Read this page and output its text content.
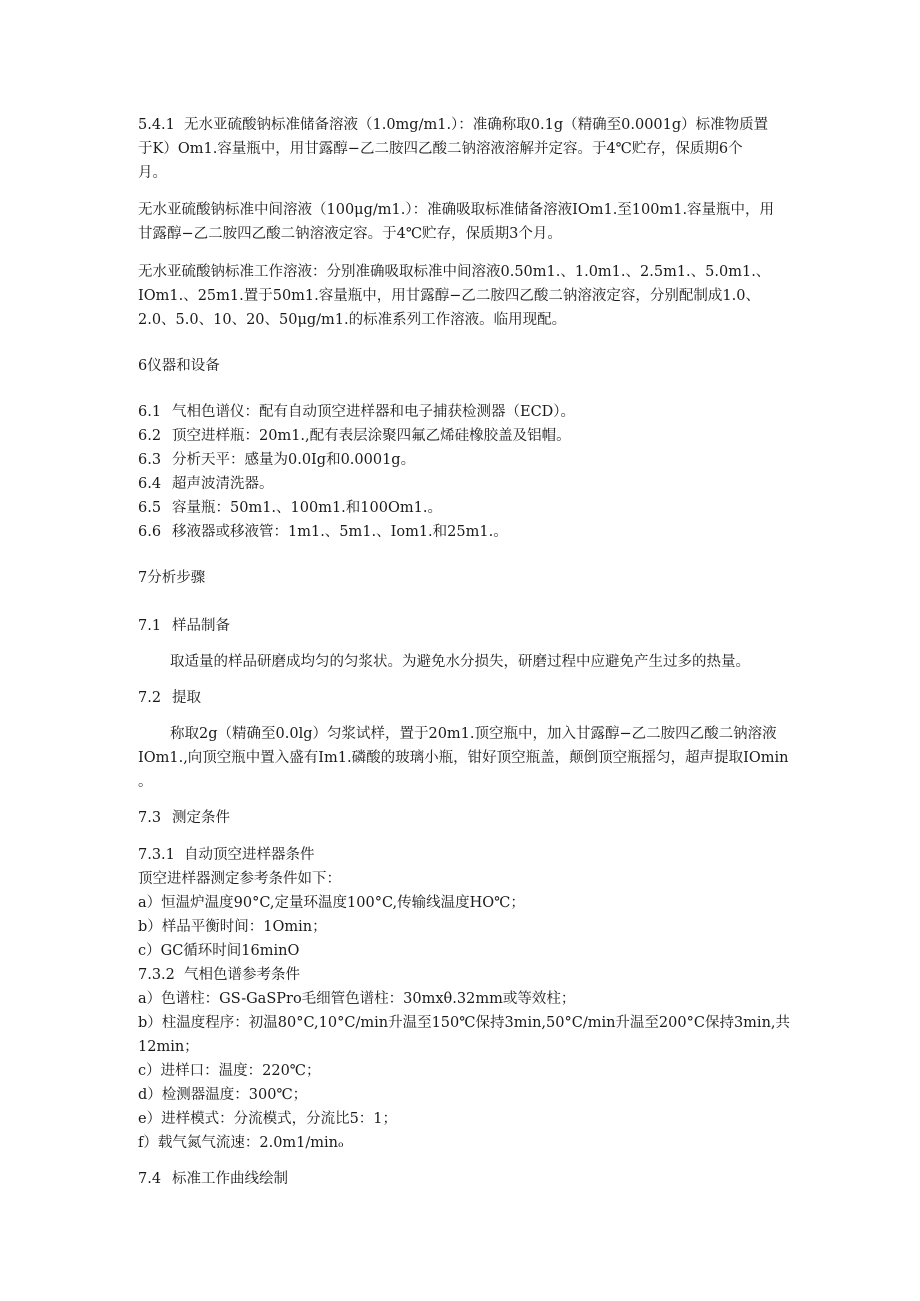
5.4.1 无水亚硫酸钠标准储备溶液（1.0mg∕m1.）：准确称取0.1g（精确至0.0001g）标准物质置
于K）Om1.容量瓶中，用甘露醇−乙二胺四乙酸二钠溶液溶解并定容。于4℃贮存，保质期6个
月。
无水亚硫酸钠标准中间溶液（100μg∕m1.）：准确吸取标准储备溶液IOm1.至100m1.容量瓶中，用
甘露醇−乙二胺四乙酸二钠溶液定容。于4℃贮存，保质期3个月。
无水亚硫酸钠标准工作溶液：分别准确吸取标准中间溶液0.50m1.、1.0m1.、2.5m1.、5.0m1.、
IOm1.、25m1.置于50m1.容量瓶中，用甘露醇−乙二胺四乙酸二钠溶液定容，分别配制成1.0、
2.0、5.0、10、20、50μg∕m1.的标准系列工作溶液。临用现配。
6仪器和设备
6.1 气相色谱仪：配有自动顶空进样器和电子捕获检测器（ECD）。
6.2 顶空进样瓶：20m1.,配有表层涂聚四氟乙烯硅橡胶盖及铝帽。
6.3 分析天平：感量为0.0Ig和0.0001g。
6.4 超声波清洗器。
6.5 容量瓶：50m1.、100m1.和100Om1.。
6.6 移液器或移液管：1m1.、5m1.、Iom1.和25m1.。
7分析步骤
7.1 样品制备
取适量的样品研磨成均匀的匀浆状。为避免水分损失，研磨过程中应避免产生过多的热量。
7.2 提取
称取2g（精确至0.0lg）匀浆试样，置于20m1.顶空瓶中，加入甘露醇−乙二胺四乙酸二钠溶液
IOm1.,向顶空瓶中置入盛有Im1.磷酸的玻璃小瓶，钳好顶空瓶盖，颠倒顶空瓶摇匀，超声提取IOmin
。
7.3 测定条件
7.3.1 自动顶空进样器条件
顶空进样器测定参考条件如下：
a）恒温炉温度90°C,定量环温度100°C,传输线温度HO℃；
b）样品平衡时间：1Omin；
c）GC循环时间16minO
7.3.2 气相色谱参考条件
a）色谱柱：GS-GaSPro毛细管色谱柱：30mxθ.32mm或等效柱；
b）柱温度程序：初温80°C,10°C∕min升温至150℃保持3min,50°C∕min升温至200°C保持3min,共
12min；
c）进样口：温度：220℃；
d）检测器温度：300℃；
e）进样模式：分流模式，分流比5：1；
f）载气氮气流速：2.0m1∕minₒ
7.4 标准工作曲线绘制
